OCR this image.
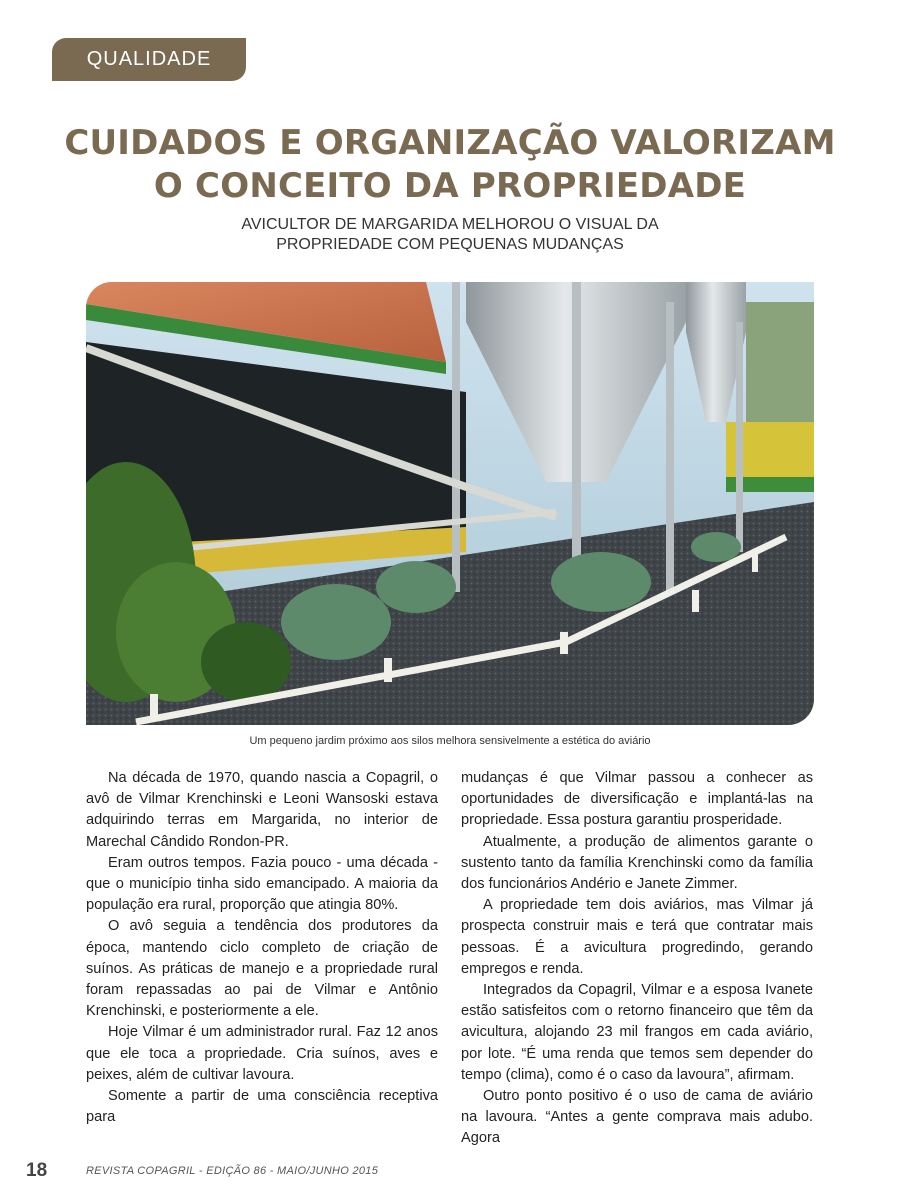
QUALIDADE
CUIDADOS E ORGANIZAÇÃO VALORIZAM
O CONCEITO DA PROPRIEDADE
AVICULTOR DE MARGARIDA MELHOROU O VISUAL DA
PROPRIEDADE COM PEQUENAS MUDANÇAS
Um pequeno jardim próximo aos silos melhora sensivelmente a estética do aviário

Na década de 1970, quando nascia a Copagril, o avô de Vilmar Krenchinski e Leoni Wansoski estava adquirindo terras em Margarida, no interior de Marechal Cândido Rondon-PR.

Eram outros tempos. Fazia pouco - uma década - que o município tinha sido emancipado. A maioria da população era rural, proporção que atingia 80%.

O avô seguia a tendência dos produtores da época, mantendo ciclo completo de criação de suínos. As práticas de manejo e a propriedade rural foram repassadas ao pai de Vilmar e Antônio Krenchinski, e posteriormente a ele.

Hoje Vilmar é um administrador rural. Faz 12 anos que ele toca a propriedade. Cria suínos, aves e peixes, além de cultivar lavoura.

Somente a partir de uma consciência receptiva para

mudanças é que Vilmar passou a conhecer as oportunidades de diversificação e implantá-las na propriedade. Essa postura garantiu prosperidade.

Atualmente, a produção de alimentos garante o sustento tanto da família Krenchinski como da família dos funcionários Andério e Janete Zimmer.

A propriedade tem dois aviários, mas Vilmar já prospecta construir mais e terá que contratar mais pessoas. É a avicultura progredindo, gerando empregos e renda.

Integrados da Copagril, Vilmar e a esposa Ivanete estão satisfeitos com o retorno financeiro que têm da avicultura, alojando 23 mil frangos em cada aviário, por lote. “É uma renda que temos sem depender do tempo (clima), como é o caso da lavoura”, afirmam.

Outro ponto positivo é o uso de cama de aviário na lavoura. “Antes a gente comprava mais adubo. Agora

18	REVISTA COPAGRIL - EDIÇÃO 86 - MAIO/JUNHO 2015
